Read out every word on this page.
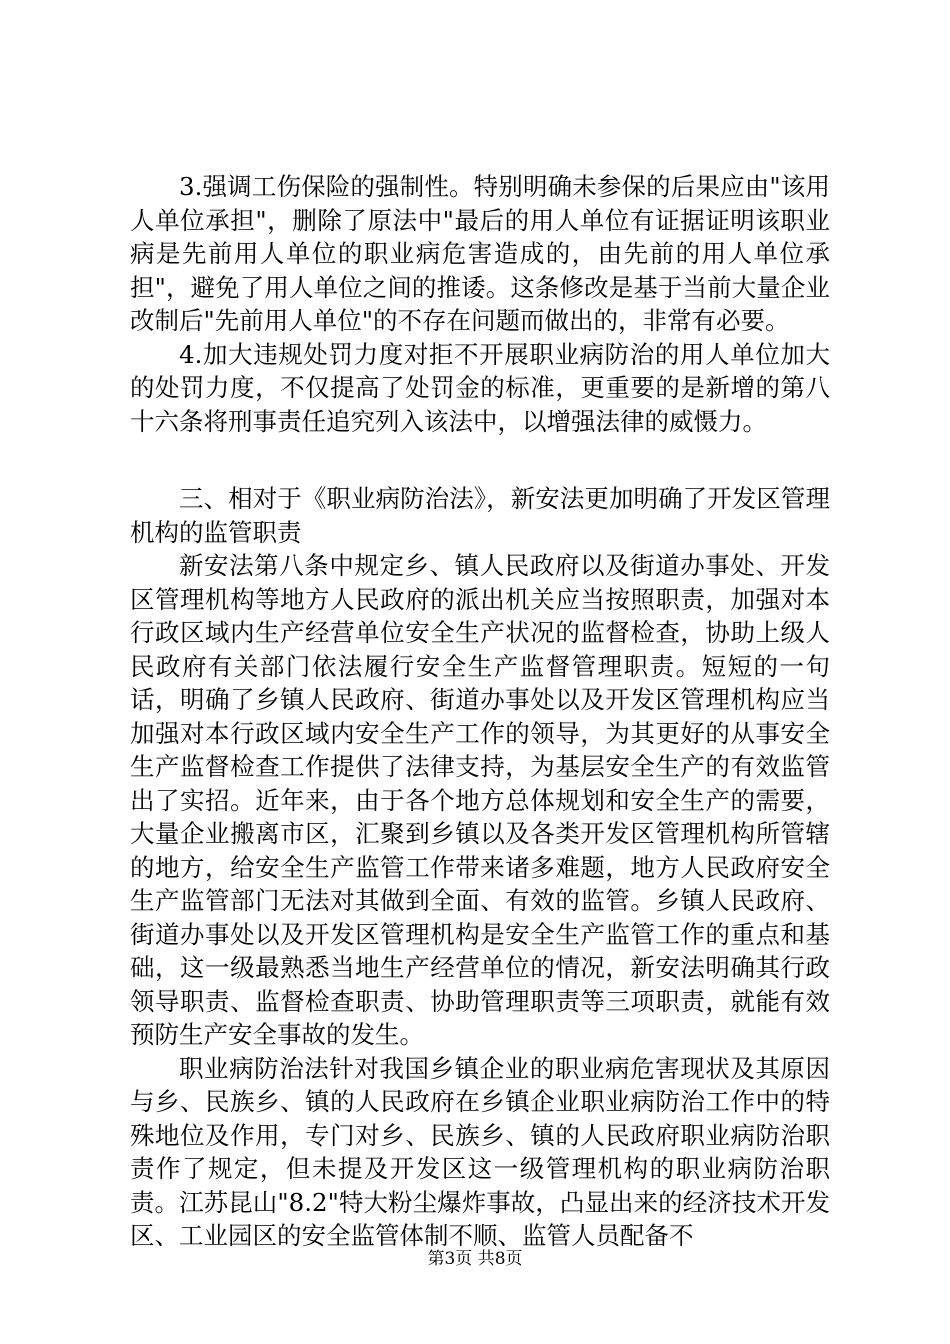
3.强调工伤保险的强制性。特别明确未参保的后果应由"该用人单位承担"，删除了原法中"最后的用人单位有证据证明该职业病是先前用人单位的职业病危害造成的，由先前的用人单位承担"，避免了用人单位之间的推诿。这条修改是基于当前大量企业改制后"先前用人单位"的不存在问题而做出的，非常有必要。

4.加大违规处罚力度对拒不开展职业病防治的用人单位加大的处罚力度，不仅提高了处罚金的标准，更重要的是新增的第八十六条将刑事责任追究列入该法中，以增强法律的威慑力。

三、相对于《职业病防治法》，新安法更加明确了开发区管理机构的监管职责

新安法第八条中规定乡、镇人民政府以及街道办事处、开发区管理机构等地方人民政府的派出机关应当按照职责，加强对本行政区域内生产经营单位安全生产状况的监督检查，协助上级人民政府有关部门依法履行安全生产监督管理职责。短短的一句话，明确了乡镇人民政府、街道办事处以及开发区管理机构应当加强对本行政区域内安全生产工作的领导，为其更好的从事安全生产监督检查工作提供了法律支持，为基层安全生产的有效监管出了实招。近年来，由于各个地方总体规划和安全生产的需要，大量企业搬离市区，汇聚到乡镇以及各类开发区管理机构所管辖的地方，给安全生产监管工作带来诸多难题，地方人民政府安全生产监管部门无法对其做到全面、有效的监管。乡镇人民政府、街道办事处以及开发区管理机构是安全生产监管工作的重点和基础，这一级最熟悉当地生产经营单位的情况，新安法明确其行政领导职责、监督检查职责、协助管理职责等三项职责，就能有效预防生产安全事故的发生。

职业病防治法针对我国乡镇企业的职业病危害现状及其原因与乡、民族乡、镇的人民政府在乡镇企业职业病防治工作中的特殊地位及作用，专门对乡、民族乡、镇的人民政府职业病防治职责作了规定，但未提及开发区这一级管理机构的职业病防治职责。江苏昆山"8.2"特大粉尘爆炸事故，凸显出来的经济技术开发区、工业园区的安全监管体制不顺、监管人员配备不

第3页 共8页
